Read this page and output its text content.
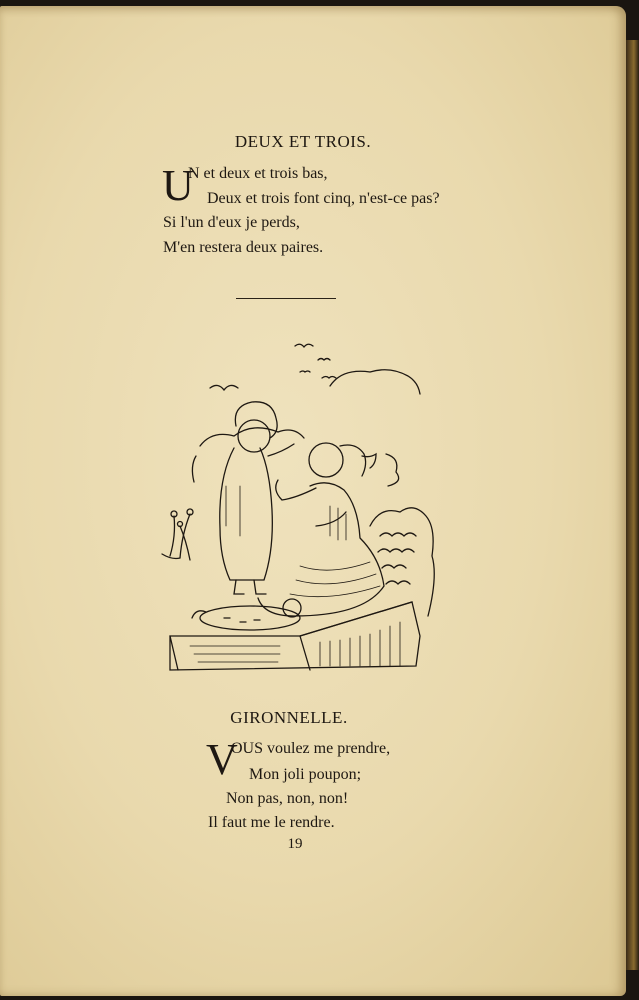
DEUX ET TROIS.
U
N et deux et trois bas,
Deux et trois font cinq, n'est-ce pas?
Si l'un d'eux je perds,
M'en restera deux paires.
GIRONNELLE.
V
OUS voulez me prendre,
Mon joli poupon;
Non pas, non, non!
Il faut me le rendre.
19
